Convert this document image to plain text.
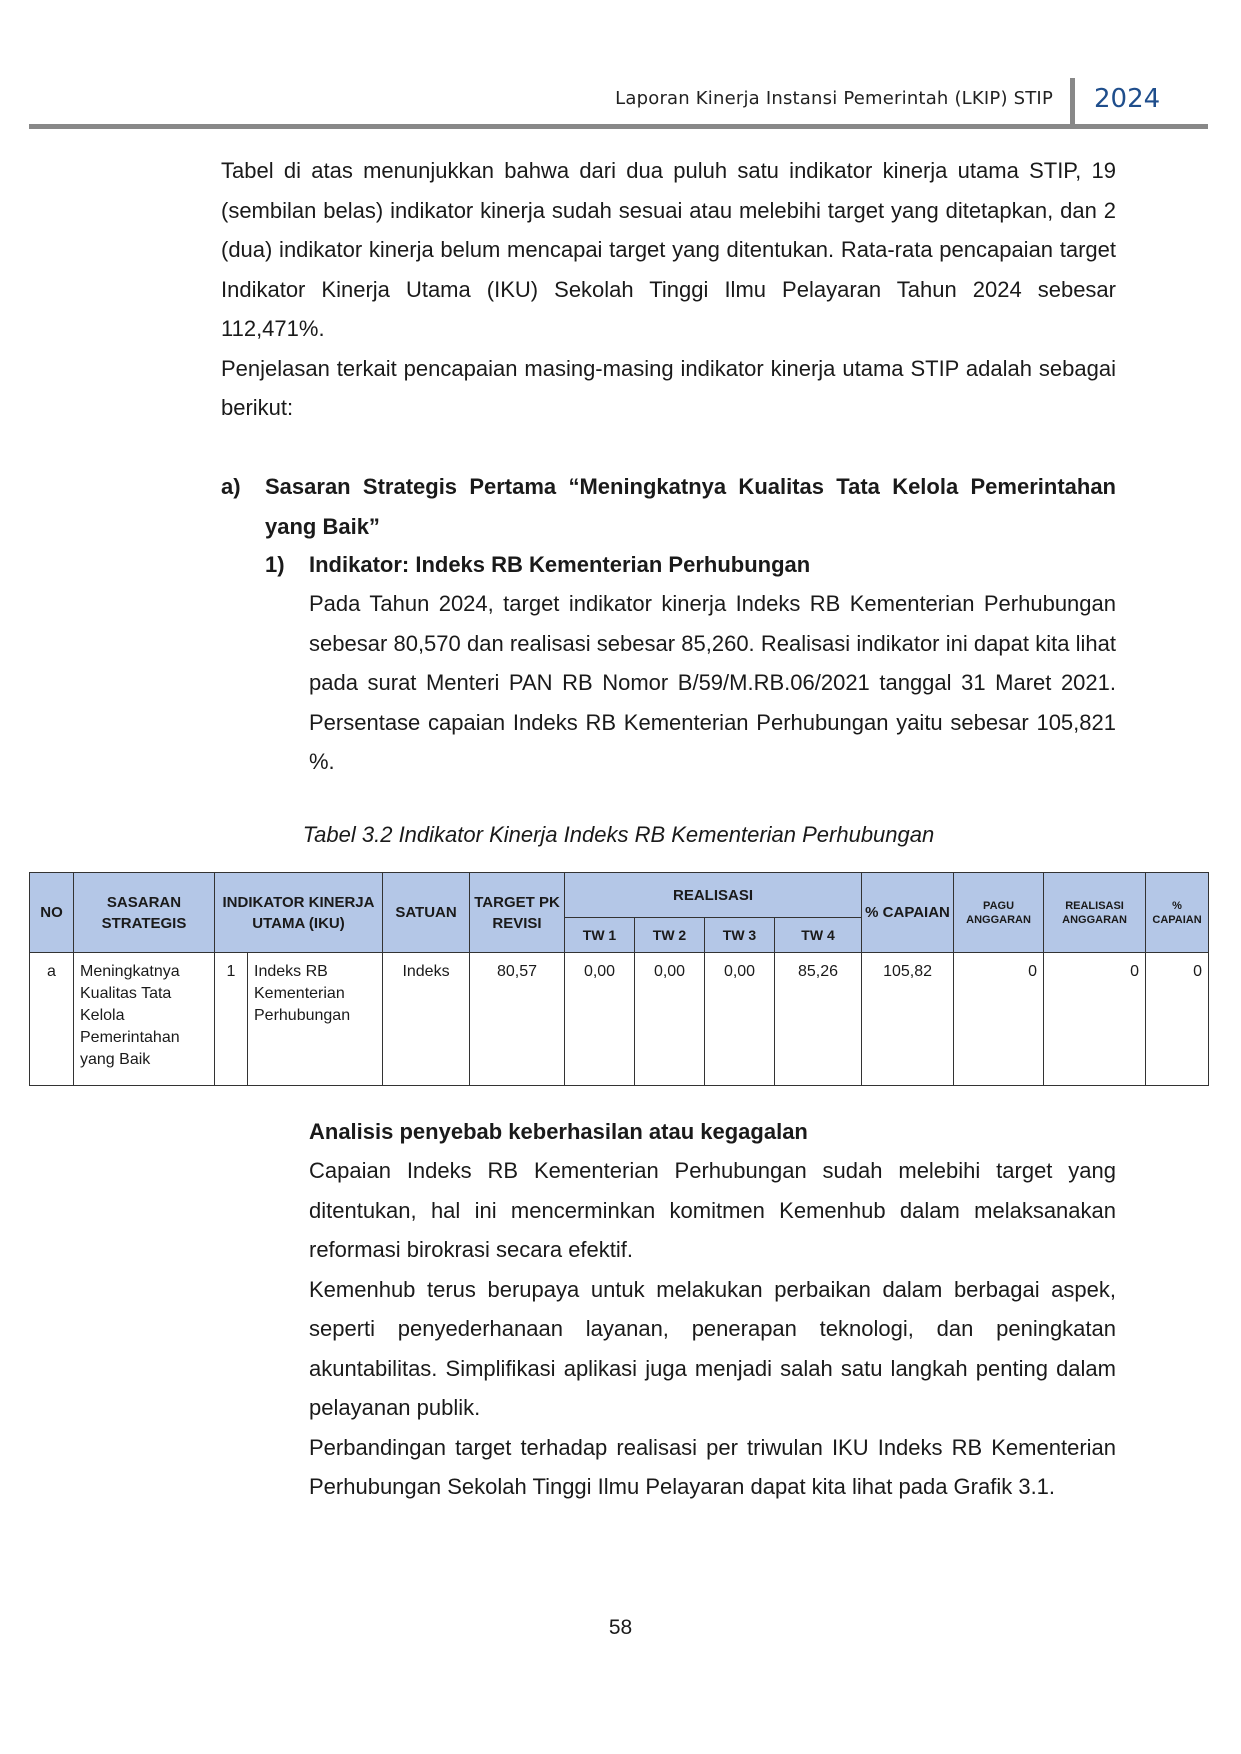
Laporan Kinerja Instansi Pemerintah (LKIP) STIP 2024

Tabel di atas menunjukkan bahwa dari dua puluh satu indikator kinerja utama STIP, 19 (sembilan belas) indikator kinerja sudah sesuai atau melebihi target yang ditetapkan, dan 2 (dua) indikator kinerja belum mencapai target yang ditentukan. Rata-rata pencapaian target Indikator Kinerja Utama (IKU) Sekolah Tinggi Ilmu Pelayaran Tahun 2024 sebesar 112,471%.

Penjelasan terkait pencapaian masing-masing indikator kinerja utama STIP adalah sebagai berikut:

a) Sasaran Strategis Pertama “Meningkatnya Kualitas Tata Kelola Pemerintahan yang Baik”
1) Indikator: Indeks RB Kementerian Perhubungan

Pada Tahun 2024, target indikator kinerja Indeks RB Kementerian Perhubungan sebesar 80,570 dan realisasi sebesar 85,260. Realisasi indikator ini dapat kita lihat pada surat Menteri PAN RB Nomor B/59/M.RB.06/2021 tanggal 31 Maret 2021. Persentase capaian Indeks RB Kementerian Perhubungan yaitu sebesar 105,821 %.

Tabel 3.2 Indikator Kinerja Indeks RB Kementerian Perhubungan
NO	SASARAN STRATEGIS	INDIKATOR KINERJA UTAMA (IKU)		SATUAN	TARGET PK REVISI	REALISASI				% CAPAIAN	PAGU ANGGARAN	REALISASI ANGGARAN	% CAPAIAN
						TW 1	TW 2	TW 3	TW 4				
a	Meningkatnya Kualitas Tata Kelola Pemerintahan yang Baik	1	Indeks RB Kementerian Perhubungan	Indeks	80,57	0,00	0,00	0,00	85,26	105,82	0	0	0
Analisis penyebab keberhasilan atau kegagalan

Capaian Indeks RB Kementerian Perhubungan sudah melebihi target yang ditentukan, hal ini mencerminkan komitmen Kemenhub dalam melaksanakan reformasi birokrasi secara efektif.

Kemenhub terus berupaya untuk melakukan perbaikan dalam berbagai aspek, seperti penyederhanaan layanan, penerapan teknologi, dan peningkatan akuntabilitas. Simplifikasi aplikasi juga menjadi salah satu langkah penting dalam pelayanan publik.

Perbandingan target terhadap realisasi per triwulan IKU Indeks RB Kementerian Perhubungan Sekolah Tinggi Ilmu Pelayaran dapat kita lihat pada Grafik 3.1.

58
